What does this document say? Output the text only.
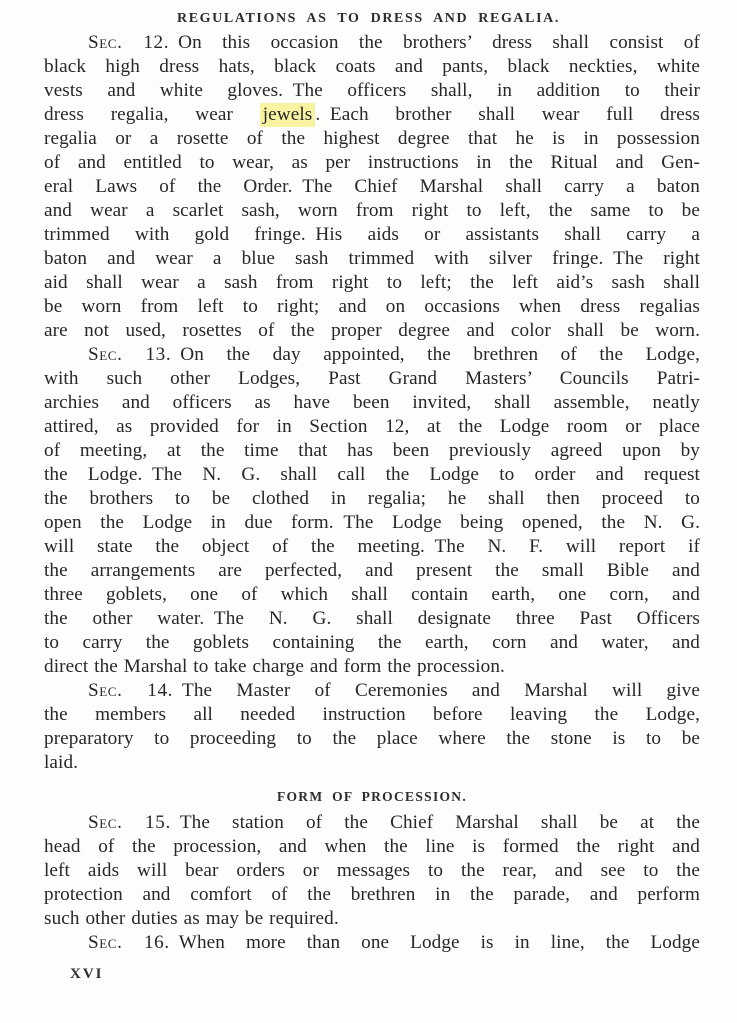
REGULATIONS AS TO DRESS AND REGALIA.
Sec. 12. On this occasion the brothers’ dress shall consist of
black high dress hats, black coats and pants, black neckties, white
vests and white gloves. The officers shall, in addition to their
dress regalia, wear jewels . Each brother shall wear full dress
regalia or a rosette of the highest degree that he is in possession
of and entitled to wear, as per instructions in the Ritual and Gen-
eral Laws of the Order. The Chief Marshal shall carry a baton
and wear a scarlet sash, worn from right to left, the same to be
trimmed with gold fringe. His aids or assistants shall carry a
baton and wear a blue sash trimmed with silver fringe. The right
aid shall wear a sash from right to left; the left aid’s sash shall
be worn from left to right; and on occasions when dress regalias
are not used, rosettes of the proper degree and color shall be worn.
Sec. 13. On the day appointed, the brethren of the Lodge,
with such other Lodges, Past Grand Masters’ Councils Patri-
archies and officers as have been invited, shall assemble, neatly
attired, as provided for in Section 12, at the Lodge room or place
of meeting, at the time that has been previously agreed upon by
the Lodge. The N. G. shall call the Lodge to order and request
the brothers to be clothed in regalia; he shall then proceed to
open the Lodge in due form. The Lodge being opened, the N. G.
will state the object of the meeting. The N. F. will report if
the arrangements are perfected, and present the small Bible and
three goblets, one of which shall contain earth, one corn, and
the other water. The N. G. shall designate three Past Officers
to carry the goblets containing the earth, corn and water, and
direct the Marshal to take charge and form the procession.
Sec. 14. The Master of Ceremonies and Marshal will give
the members all needed instruction before leaving the Lodge,
preparatory to proceeding to the place where the stone is to be
laid.
FORM OF PROCESSION.
Sec. 15. The station of the Chief Marshal shall be at the
head of the procession, and when the line is formed the right and
left aids will bear orders or messages to the rear, and see to the
protection and comfort of the brethren in the parade, and perform
such other duties as may be required.
Sec. 16. When more than one Lodge is in line, the Lodge
XVI
